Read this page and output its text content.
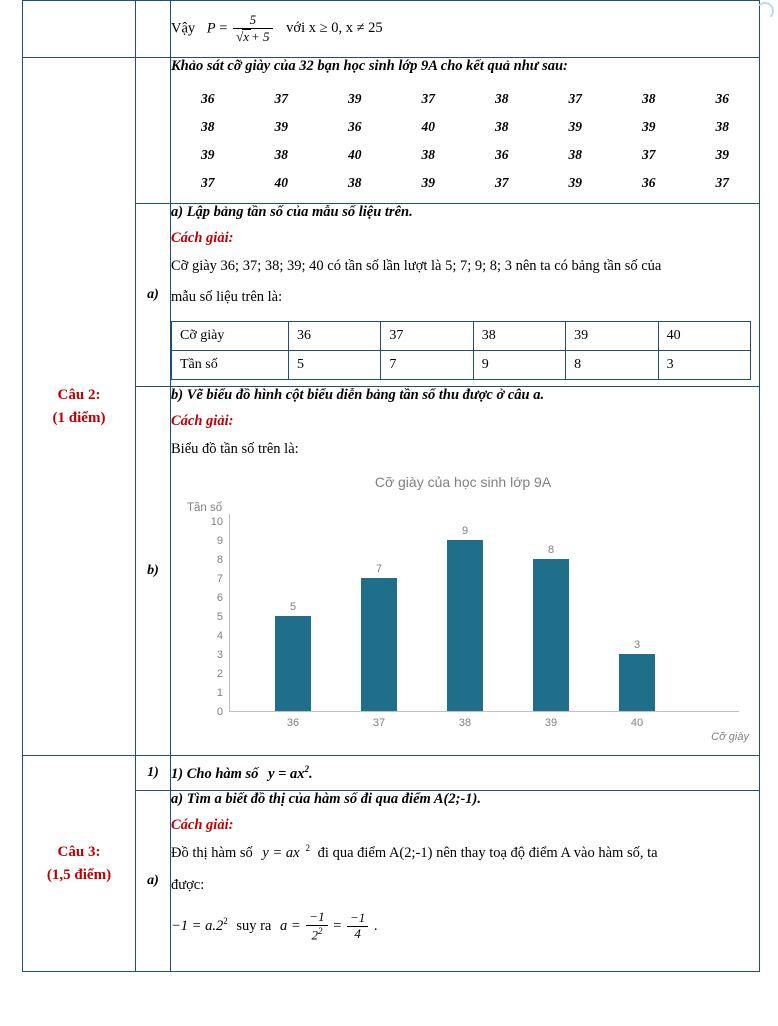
Vậy $P = \frac{5}{√x + 5}$ với x ≥ 0, x ≠ 25

Câu 2:
(1 điểm)

Khảo sát cỡ giày của 32 bạn học sinh lớp 9A cho kết quả như sau:
36	37	39	37	38	37	38	36
38	39	36	40	38	39	39	38
39	38	40	38	36	38	37	39
37	40	38	39	37	39	36	37

a)	
a) Lập bảng tần số của mẫu số liệu trên.
Cách giải:
Cỡ giày 36; 37; 38; 39; 40 có tần số lần lượt là 5; 7; 9; 8; 3 nên ta có bảng tần số của
mẫu số liệu trên là:
Cỡ giày	36	37	38	39	40
Tần số	5	7	9	8	3

b)	
b) Vẽ biểu đồ hình cột biểu diễn bảng tần số thu được ở câu a.
Cách giải:
Biểu đồ tần số trên là:
Cỡ giày của học sinh lớp 9A
Tần số
Cỡ giày
0
1
2
3
4
5
6
7
8
9
10
5
36
7
37
9
38
8
39
3
40

Câu 3:
(1,5 điểm)
	1)	1) Cho hàm số $y = ax^2$.

a)	
a) Tìm a biết đồ thị của hàm số đi qua điểm A(2;-1).
Cách giải:
Đồ thị hàm số y = ax $^2$ đi qua điểm A(2;-1) nên thay toạ độ điểm A vào hàm số, ta
được:
$-1 = a.2^2$ suy ra $a = \frac{-1}{2^2} = \frac{-1}{4}$ .
